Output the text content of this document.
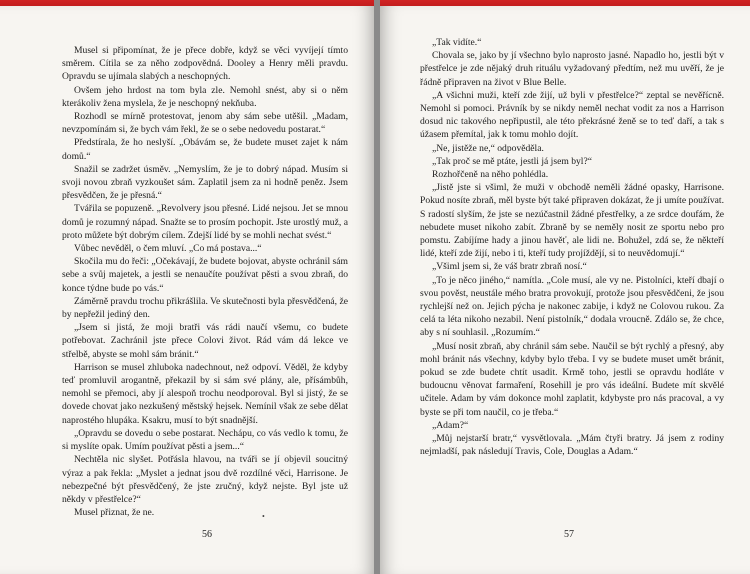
Musel si připomínat, že je přece dobře, když se věci vyvíjejí tímto směrem. Cítila se za něho zodpovědná. Dooley a Henry měli pravdu. Opravdu se ujímala slabých a neschopných.

Ovšem jeho hrdost na tom byla zle. Nemohl snést, aby si o něm kterákoliv žena myslela, že je neschopný nekňuba.

Rozhodl se mírně protestovat, jenom aby sám sebe utěšil. „Madam, nevzpomínám si, že bych vám řekl, že se o sebe nedovedu postarat.“

Předstírala, že ho neslyší. „Obávám se, že budete muset zajet k nám domů.“

Snažil se zadržet úsměv. „Nemyslím, že je to dobrý nápad. Musím si svoji novou zbraň vyzkoušet sám. Zaplatil jsem za ni hodně peněz. Jsem přesvědčen, že je přesná.“

Tvářila se popuzeně. „Revolvery jsou přesné. Lidé nejsou. Jet se mnou domů je rozumný nápad. Snažte se to prosím pochopit. Jste urostlý muž, a proto můžete být dobrým cílem. Zdejší lidé by se mohli nechat svést.“

Vůbec nevěděl, o čem mluví. „Co má postava...“

Skočila mu do řeči: „Očekávají, že budete bojovat, abyste ochránil sám sebe a svůj majetek, a jestli se nenaučíte používat pěsti a svou zbraň, do konce týdne bude po vás.“

Záměrně pravdu trochu přikrášlila. Ve skutečnosti byla přesvědčená, že by nepřežil jediný den.

„Jsem si jistá, že moji bratři vás rádi naučí všemu, co budete potřebovat. Zachránil jste přece Colovi život. Rád vám dá lekce ve střelbě, abyste se mohl sám bránit.“

Harrison se musel zhluboka nadechnout, než odpoví. Věděl, že kdyby teď promluvil arogantně, překazil by si sám své plány, ale, přísámbůh, nemohl se přemoci, aby jí alespoň trochu neodporoval. Byl si jistý, že se dovede chovat jako nezkušený městský hejsek. Nemínil však ze sebe dělat naprostého hlupáka. Ksakru, musí to být snadnější.

„Opravdu se dovedu o sebe postarat. Nechápu, co vás vedlo k tomu, že si myslíte opak. Umím používat pěsti a jsem...“

Nechtěla nic slyšet. Potřásla hlavou, na tváři se jí objevil soucitný výraz a pak řekla: „Myslet a jednat jsou dvě rozdílné věci, Harrisone. Je nebezpečné být přesvědčený, že jste zručný, když nejste. Byl jste už někdy v přestřelce?“

Musel přiznat, že ne.	•
56

„Tak vidíte.“

Chovala se, jako by jí všechno bylo naprosto jasné. Napadlo ho, jestli být v přestřelce je zde nějaký druh rituálu vyžadovaný předtím, než mu uvěří, že je řádně připraven na život v Blue Belle.

„A všichni muži, kteří zde žijí, už byli v přestřelce?“ zeptal se nevěřícně. Nemohl si pomoci. Právník by se nikdy neměl nechat vodit za nos a Harrison dosud nic takového nepřipustil, ale této překrásné ženě se to teď daří, a tak s úžasem přemítal, jak k tomu mohlo dojít.

„Ne, jistěže ne,“ odpověděla.

„Tak proč se mě ptáte, jestli já jsem byl?“

Rozhořčeně na něho pohlédla.

„Jistě jste si všiml, že muži v obchodě neměli žádné opasky, Harrisone. Pokud nosíte zbraň, měl byste být také připraven dokázat, že ji umíte používat. S radostí slyším, že jste se nezúčastnil žádné přestřelky, a ze srdce doufám, že nebudete muset nikoho zabít. Zbraně by se neměly nosit ze sportu nebo pro pomstu. Zabíjíme hady a jinou havěť, ale lidi ne. Bohužel, zdá se, že někteří lidé, kteří zde žijí, nebo i ti, kteří tudy projíždějí, si to neuvědomují.“

„Všiml jsem si, že váš bratr zbraň nosí.“

„To je něco jiného,“ namítla. „Cole musí, ale vy ne. Pistolníci, kteří dbají o svou pověst, neustále mého bratra provokují, protože jsou přesvědčeni, že jsou rychlejší než on. Jejich pýcha je nakonec zabije, i když ne Colovou rukou. Za celá ta léta nikoho nezabil. Není pistolník,“ dodala vroucně. Zdálo se, že chce, aby s ní souhlasil. „Rozumím.“

„Musí nosit zbraň, aby chránil sám sebe. Naučil se být rychlý a přesný, aby mohl bránit nás všechny, kdyby bylo třeba. I vy se budete muset umět bránit, pokud se zde budete chtít usadit. Krmě toho, jestli se opravdu hodláte v budoucnu věnovat farmaření, Rosehill je pro vás ideální. Budete mít skvělé učitele. Adam by vám dokonce mohl zaplatit, kdybyste pro nás pracoval, a vy byste se při tom naučil, co je třeba.“

„Adam?“

„Můj nejstarší bratr,“ vysvětlovala. „Mám čtyři bratry. Já jsem z rodiny nejmladší, pak následují Travis, Cole, Douglas a Adam.“

57
